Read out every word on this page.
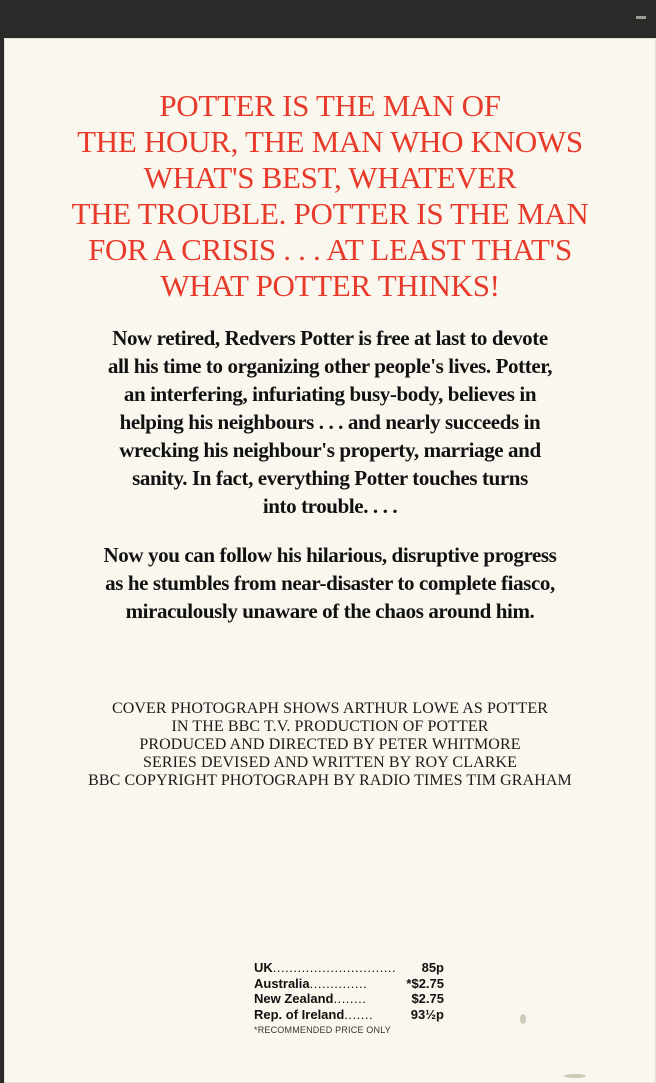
POTTER IS THE MAN OF
THE HOUR, THE MAN WHO KNOWS
WHAT'S BEST, WHATEVER
THE TROUBLE. POTTER IS THE MAN
FOR A CRISIS . . . AT LEAST THAT'S
WHAT POTTER THINKS!
Now retired, Redvers Potter is free at last to devote
all his time to organizing other people's lives. Potter,
an interfering, infuriating busy-body, believes in
helping his neighbours . . . and nearly succeeds in
wrecking his neighbour's property, marriage and
sanity. In fact, everything Potter touches turns
into trouble. . . .
Now you can follow his hilarious, disruptive progress
as he stumbles from near-disaster to complete fiasco,
miraculously unaware of the chaos around him.
COVER PHOTOGRAPH SHOWS ARTHUR LOWE AS POTTER
IN THE BBC T.V. PRODUCTION OF POTTER
PRODUCED AND DIRECTED BY PETER WHITMORE
SERIES DEVISED AND WRITTEN BY ROY CLARKE
BBC COPYRIGHT PHOTOGRAPH BY RADIO TIMES TIM GRAHAM
UK ..............................	85p
Australia ..............	*$2.75
New Zealand ........	$2.75
Rep. of Ireland .......	93½p
*RECOMMENDED PRICE ONLY
